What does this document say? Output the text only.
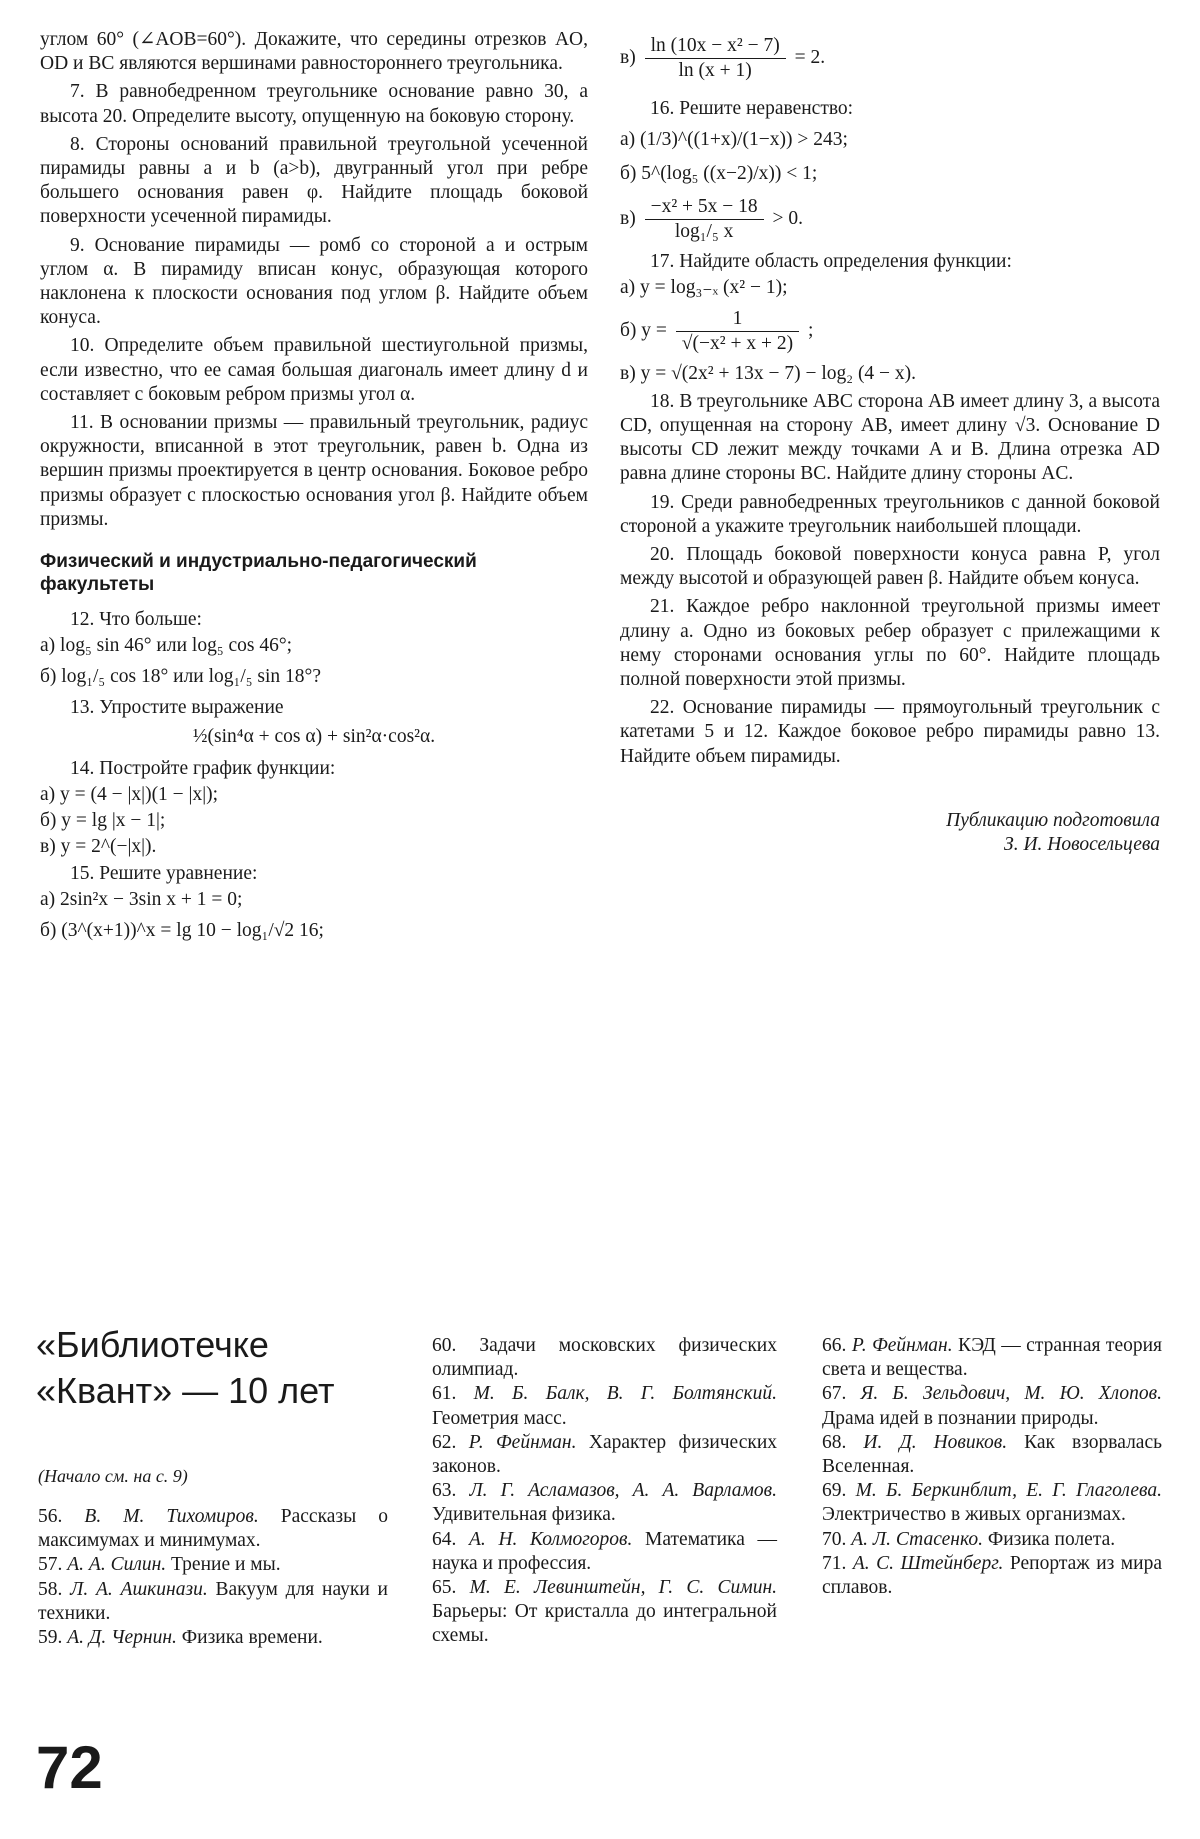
углом 60° (∠AOB=60°). Докажите, что середины отрезков AO, OD и BC являются вершинами равностороннего треугольника.

7. В равнобедренном треугольнике основание равно 30, а высота 20. Определите высоту, опущенную на боковую сторону.

8. Стороны оснований правильной треугольной усеченной пирамиды равны a и b (a>b), двугранный угол при ребре большего основания равен φ. Найдите площадь боковой поверхности усеченной пирамиды.

9. Основание пирамиды — ромб со стороной a и острым углом α. В пирамиду вписан конус, образующая которого наклонена к плоскости основания под углом β. Найдите объем конуса.

10. Определите объем правильной шестиугольной призмы, если известно, что ее самая большая диагональ имеет длину d и составляет с боковым ребром призмы угол α.

11. В основании призмы — правильный треугольник, радиус окружности, вписанной в этот треугольник, равен b. Одна из вершин призмы проектируется в центр основания. Боковое ребро призмы образует с плоскостью основания угол β. Найдите объем призмы.

Физический и индустриально-педагогический факультеты

12. Что больше:

а) log₅ sin 46° или log₅ cos 46°;

б) log₁/₅ cos 18° или log₁/₅ sin 18°?

13. Упростите выражение

½(sin⁴α + cos α) + sin²α·cos²α.

14. Постройте график функции:

а) y = (4 − |x|)(1 − |x|);

б) y = lg |x − 1|;

в) y = 2^(−|x|).

15. Решите уравнение:

а) 2sin²x − 3sin x + 1 = 0;

б) (3^(x+1))^x = lg 10 − log₁/√2 16;

$в) \frac{\text{ln (10x − x² − 7)}}{\ln (x + 1)} = 2$.

16. Решите неравенство:

а) (1/3)^((1+x)/(1−x)) > 243;

б) 5^(log₅ ((x−2)/x)) < 1;

$в) \frac{\text{−x² + 5x − 18}}{\text{log₁/₅ x}} > 0$.

17. Найдите область определения функции:

а) y = log₃₋ₓ (x² − 1);

б) $y = \frac{1}{\text{√(−x² + x + 2)}}$ ;

в) y = √(2x² + 13x − 7) − log₂ (4 − x).

18. В треугольнике ABC сторона AB имеет длину 3, а высота CD, опущенная на сторону AB, имеет длину √3. Основание D высоты CD лежит между точками A и B. Длина отрезка AD равна длине стороны BC. Найдите длину стороны AC.

19. Среди равнобедренных треугольников с данной боковой стороной a укажите треугольник наибольшей площади.

20. Площадь боковой поверхности конуса равна P, угол между высотой и образующей равен β. Найдите объем конуса.

21. Каждое ребро наклонной треугольной призмы имеет длину a. Одно из боковых ребер образует с прилежащими к нему сторонами основания углы по 60°. Найдите площадь полной поверхности этой призмы.

22. Основание пирамиды — прямоугольный треугольник с катетами 5 и 12. Каждое боковое ребро пирамиды равно 13. Найдите объем пирамиды.

Публикацию подготовила
З. И. Новосельцева
«Библиотечке «Квант» — 10 лет
(Начало см. на с. 9)

56. В. М. Тихомиров. Рассказы о максимумах и минимумах.

57. А. А. Силин. Трение и мы.

58. Л. А. Ашкинази. Вакуум для науки и техники.

59. А. Д. Чернин. Физика времени.

60. Задачи московских физических олимпиад.

61. М. Б. Балк, В. Г. Болтянский. Геометрия масс.

62. Р. Фейнман. Характер физических законов.

63. Л. Г. Асламазов, А. А. Варламов. Удивительная физика.

64. А. Н. Колмогоров. Математика — наука и профессия.

65. М. Е. Левинштейн, Г. С. Симин. Барьеры: От кристалла до интегральной схемы.

66. Р. Фейнман. КЭД — странная теория света и вещества.

67. Я. Б. Зельдович, М. Ю. Хлопов. Драма идей в познании природы.

68. И. Д. Новиков. Как взорвалась Вселенная.

69. М. Б. Беркинблит, Е. Г. Глаголева. Электричество в живых организмах.

70. А. Л. Стасенко. Физика полета.

71. А. С. Штейнберг. Репортаж из мира сплавов.

72
